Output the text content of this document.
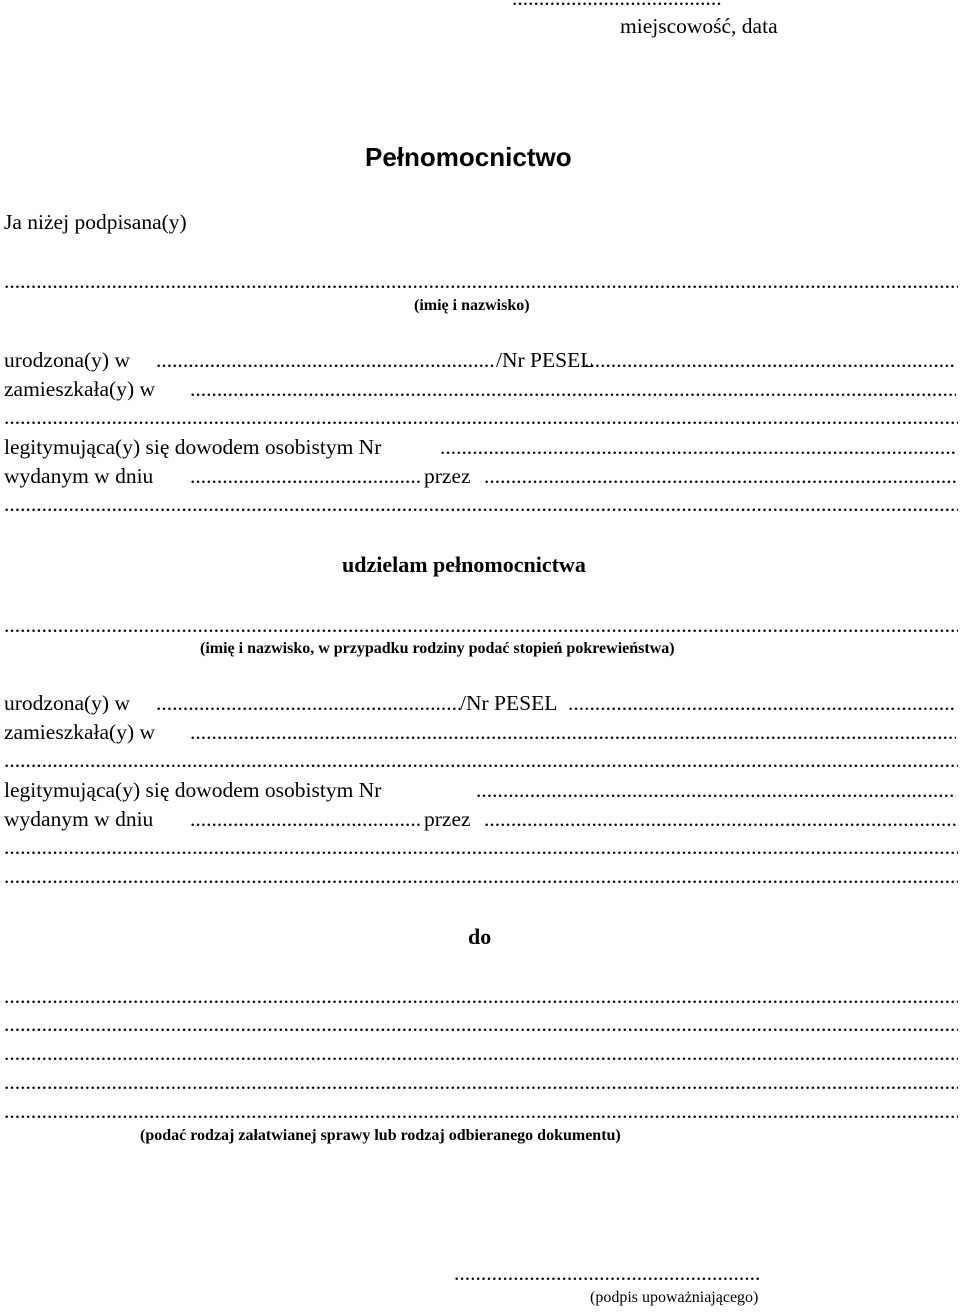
miejscowość, data
Pełnomocnictwo
Ja niżej podpisana(y)
.....
(imię i nazwisko)
urodzona(y) w .....	/Nr PESEL
.....
zamieszkała(y) w
.....
.....
legitymująca(y) się dowodem osobistym Nr
.....
wydanym w dniu .....	przez
.....
.....
udzielam pełnomocnictwa
.....
(imię i nazwisko, w przypadku rodziny podać stopień pokrewieństwa)
urodzona(y) w .....	/Nr PESEL
.....
zamieszkała(y) w
.....
.....
legitymująca(y) się dowodem osobistym Nr
.....
wydanym w dniu .....	przez
.....
.....
.....
do
.....
.....
.....
.....
.....
(podać rodzaj załatwianej sprawy lub rodzaj odbieranego dokumentu)
.........................................................
(podpis upoważniającego)
